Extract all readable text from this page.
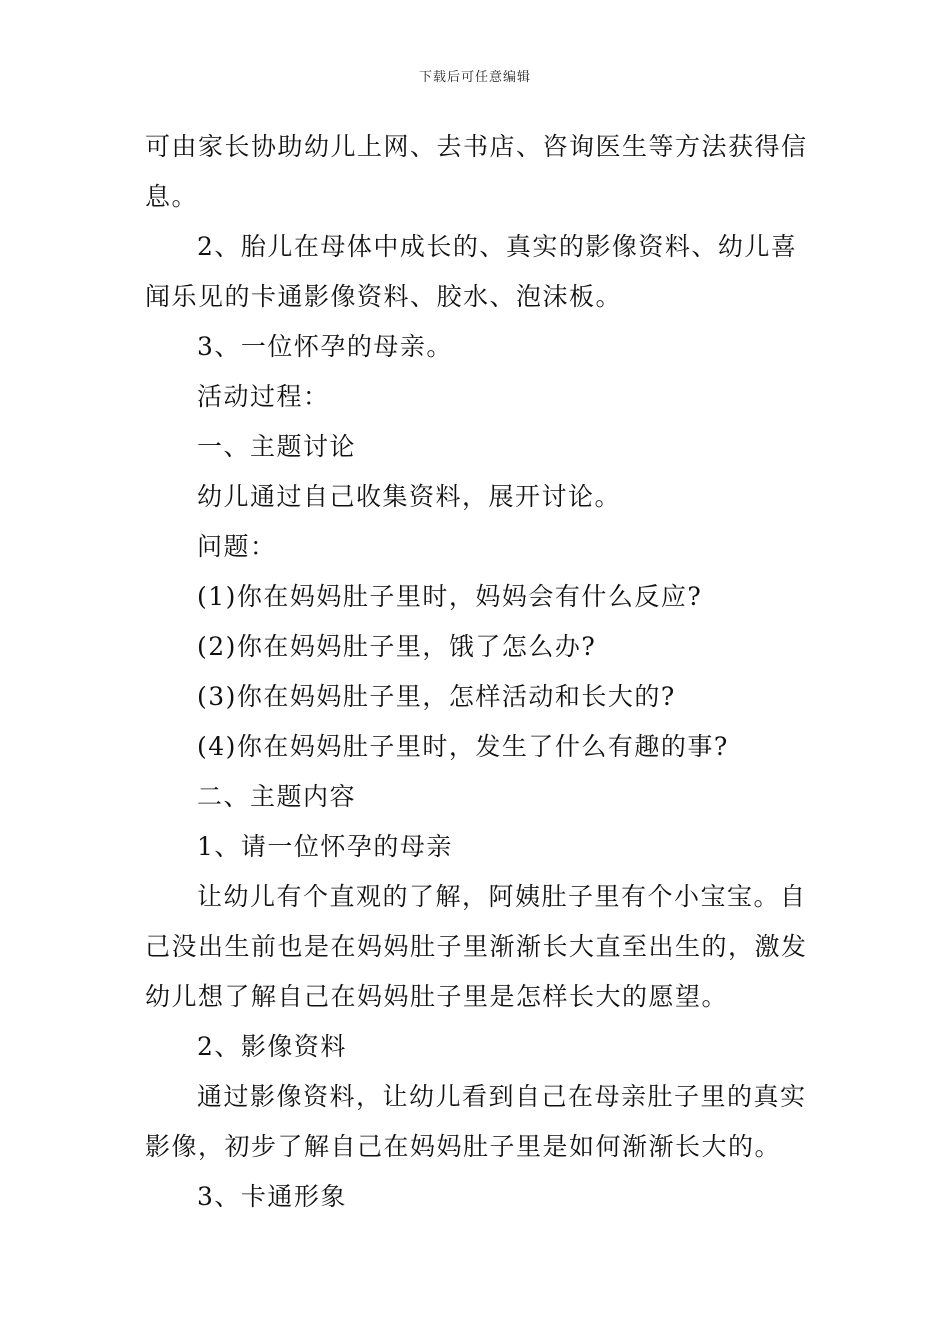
下载后可任意编辑

可由家长协助幼儿上网、去书店、咨询医生等方法获得信息。

2、胎儿在母体中成长的、真实的影像资料、幼儿喜闻乐见的卡通影像资料、胶水、泡沫板。

3、一位怀孕的母亲。

活动过程：

一、主题讨论

幼儿通过自己收集资料，展开讨论。

问题：

(1)你在妈妈肚子里时，妈妈会有什么反应?

(2)你在妈妈肚子里，饿了怎么办?

(3)你在妈妈肚子里，怎样活动和长大的?

(4)你在妈妈肚子里时，发生了什么有趣的事?

二、主题内容

1、请一位怀孕的母亲

让幼儿有个直观的了解，阿姨肚子里有个小宝宝。自己没出生前也是在妈妈肚子里渐渐长大直至出生的，激发幼儿想了解自己在妈妈肚子里是怎样长大的愿望。

2、影像资料

通过影像资料，让幼儿看到自己在母亲肚子里的真实影像，初步了解自己在妈妈肚子里是如何渐渐长大的。

3、卡通形象
